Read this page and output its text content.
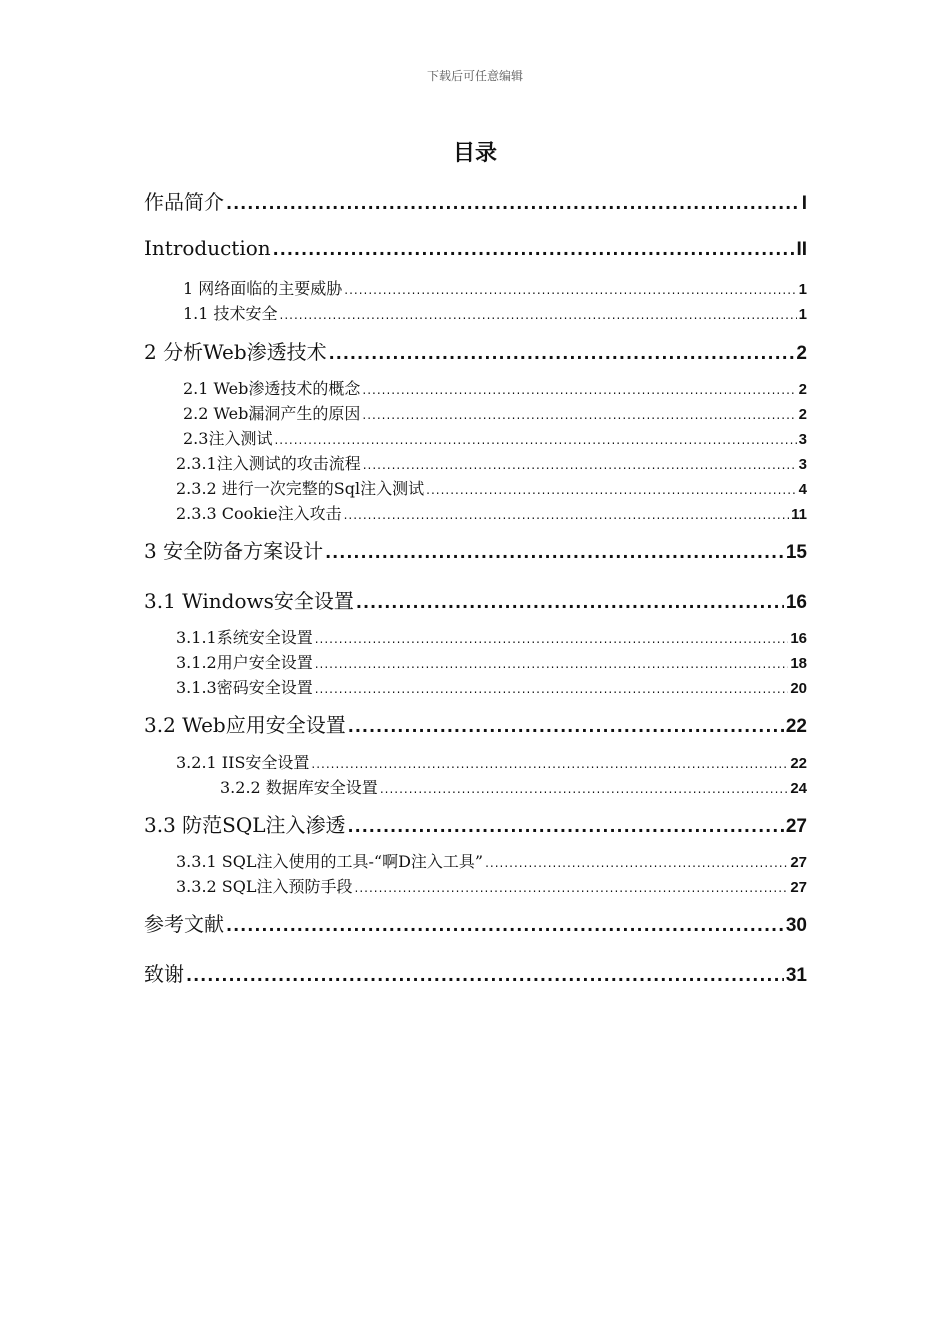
下载后可任意编辑
目录
作品简介 .....	I
Introduction .....	II
1 网络面临的主要威胁 .....	1
1.1 技术安全 .....	1
2 分析Web渗透技术 .....	2
2.1 Web渗透技术的概念 .....	2
2.2 Web漏洞产生的原因 .....	2
2.3注入测试 .....	3
2.3.1注入测试的攻击流程 .....	3
2.3.2 进行一次完整的Sql注入测试 .....	4
2.3.3 Cookie注入攻击 .....	11
3 安全防备方案设计 .....	15
3.1 Windows安全设置 .....	16
3.1.1系统安全设置 .....	16
3.1.2用户安全设置 .....	18
3.1.3密码安全设置 .....	20
3.2 Web应用安全设置 .....	22
3.2.1 IIS安全设置 .....	22
3.2.2 数据库安全设置 .....	24
3.3 防范SQL注入渗透 .....	27
3.3.1 SQL注入使用的工具-“啊D注入工具” .....	27
3.3.2 SQL注入预防手段 .....	27
参考文献 .....	30
致谢 .....	31
